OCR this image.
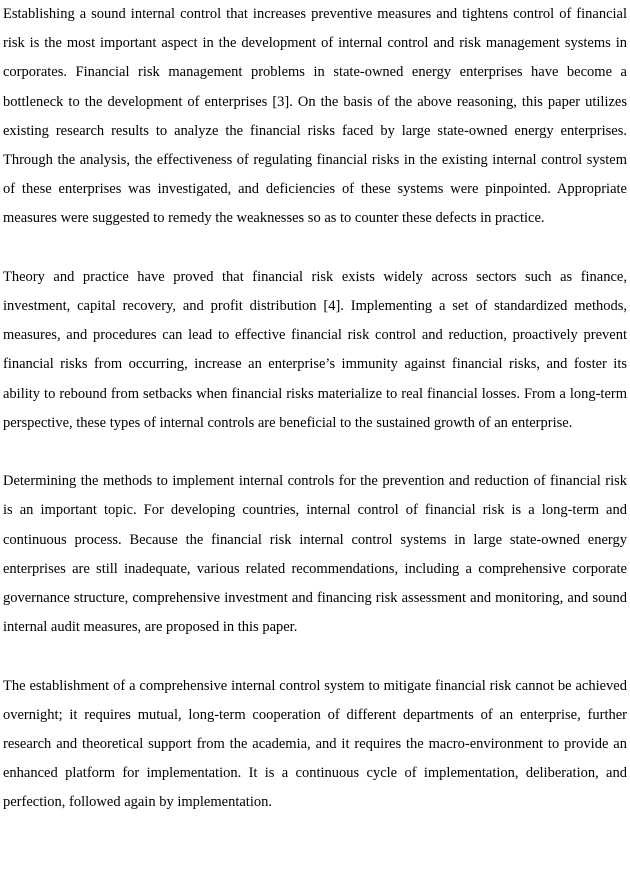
Establishing a sound internal control that increases preventive measures and tightens control of financial risk is the most important aspect in the development of internal control and risk management systems in corporates. Financial risk management problems in state-owned energy enterprises have become a bottleneck to the development of enterprises [3]. On the basis of the above reasoning, this paper utilizes existing research results to analyze the financial risks faced by large state-owned energy enterprises. Through the analysis, the effectiveness of regulating financial risks in the existing internal control system of these enterprises was investigated, and deficiencies of these systems were pinpointed. Appropriate measures were suggested to remedy the weaknesses so as to counter these defects in practice.

Theory and practice have proved that financial risk exists widely across sectors such as finance, investment, capital recovery, and profit distribution [4]. Implementing a set of standardized methods, measures, and procedures can lead to effective financial risk control and reduction, proactively prevent financial risks from occurring, increase an enterprise’s immunity against financial risks, and foster its ability to rebound from setbacks when financial risks materialize to real financial losses. From a long-term perspective, these types of internal controls are beneficial to the sustained growth of an enterprise.

Determining the methods to implement internal controls for the prevention and reduction of financial risk is an important topic. For developing countries, internal control of financial risk is a long-term and continuous process. Because the financial risk internal control systems in large state-owned energy enterprises are still inadequate, various related recommendations, including a comprehensive corporate governance structure, comprehensive investment and financing risk assessment and monitoring, and sound internal audit measures, are proposed in this paper.

The establishment of a comprehensive internal control system to mitigate financial risk cannot be achieved overnight; it requires mutual, long-term cooperation of different departments of an enterprise, further research and theoretical support from the academia, and it requires the macro-environment to provide an enhanced platform for implementation. It is a continuous cycle of implementation, deliberation, and perfection, followed again by implementation.
